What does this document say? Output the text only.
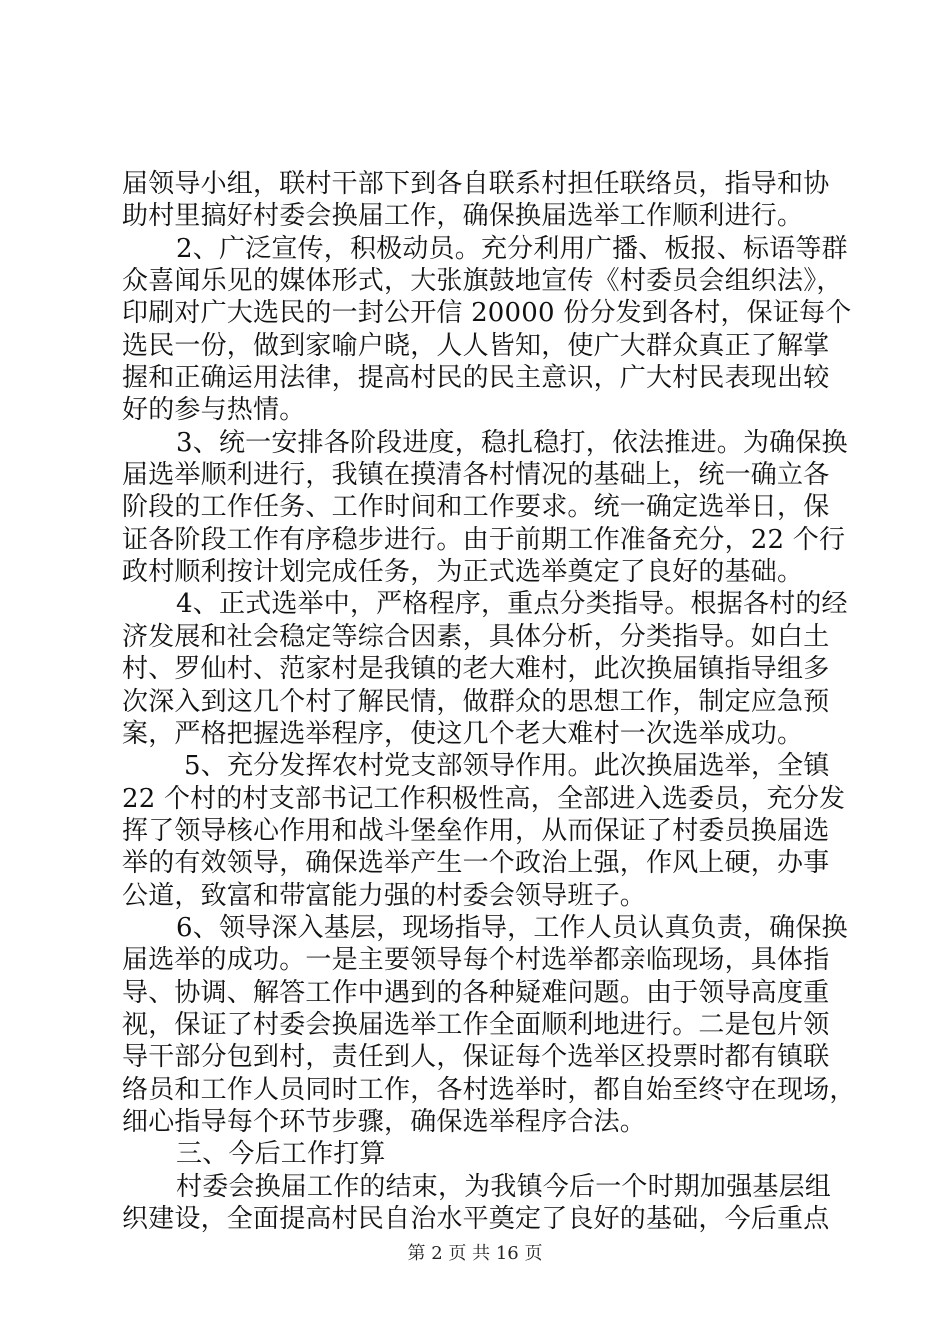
届领导小组，联村干部下到各自联系村担任联络员，指导和协
助村里搞好村委会换届工作，确保换届选举工作顺利进行。
2、广泛宣传，积极动员。充分利用广播、板报、标语等群
众喜闻乐见的媒体形式，大张旗鼓地宣传《村委员会组织法》，
印刷对广大选民的一封公开信 20000 份分发到各村，保证每个
选民一份，做到家喻户晓，人人皆知，使广大群众真正了解掌
握和正确运用法律，提高村民的民主意识，广大村民表现出较
好的参与热情。
3、统一安排各阶段进度，稳扎稳打，依法推进。为确保换
届选举顺利进行，我镇在摸清各村情况的基础上，统一确立各
阶段的工作任务、工作时间和工作要求。统一确定选举日，保
证各阶段工作有序稳步进行。由于前期工作准备充分，22 个行
政村顺利按计划完成任务，为正式选举奠定了良好的基础。
4、正式选举中，严格程序，重点分类指导。根据各村的经
济发展和社会稳定等综合因素，具体分析，分类指导。如白土
村、罗仙村、范家村是我镇的老大难村，此次换届镇指导组多
次深入到这几个村了解民情，做群众的思想工作，制定应急预
案，严格把握选举程序，使这几个老大难村一次选举成功。
5、充分发挥农村党支部领导作用。此次换届选举，全镇
22 个村的村支部书记工作积极性高，全部进入选委员，充分发
挥了领导核心作用和战斗堡垒作用，从而保证了村委员换届选
举的有效领导，确保选举产生一个政治上强，作风上硬，办事
公道，致富和带富能力强的村委会领导班子。
6、领导深入基层，现场指导，工作人员认真负责，确保换
届选举的成功。一是主要领导每个村选举都亲临现场，具体指
导、协调、解答工作中遇到的各种疑难问题。由于领导高度重
视，保证了村委会换届选举工作全面顺利地进行。二是包片领
导干部分包到村，责任到人，保证每个选举区投票时都有镇联
络员和工作人员同时工作，各村选举时，都自始至终守在现场，
细心指导每个环节步骤，确保选举程序合法。
三、今后工作打算
村委会换届工作的结束，为我镇今后一个时期加强基层组
织建设，全面提高村民自治水平奠定了良好的基础，今后重点
第 2 页 共 16 页
